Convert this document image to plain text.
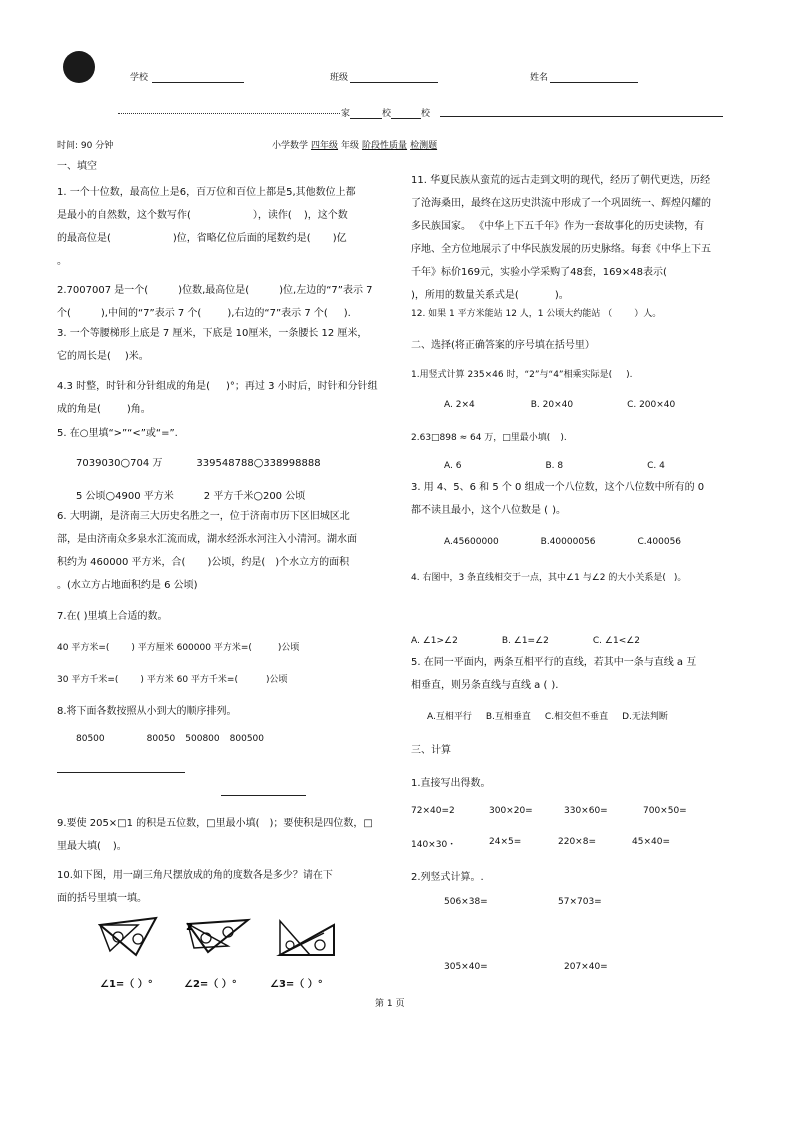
学校	班级	姓名
家	校	校
时间: 90 分钟	小学数学 四年级 年级 阶段性质量 检测题
一、填空
1. 一个十位数，最高位上是6，百万位和百位上都是5,其他数位上都
是最小的自然数，这个数写作(	），读作( )，这个数
的最高位是(	)位，省略亿位后面的尾数约是( )亿
。
2.7007007 是一个(	)位数,最高位是(	)位,左边的“7”表示 7
个(	),中间的“7”表示 7 个(	),右边的“7”表示 7 个( ).
3. 一个等腰梯形上底是 7 厘米，下底是 10厘米，一条腰长 12 厘米，
它的周长是( )米。
4.3 时整，时针和分针组成的角是( )°；再过 3 小时后，时针和分针组
成的角是(	)角。
5. 在○里填“>”“<”或“=”.
7039030○704 万	339548788○338998888
5 公顷○4900 平方米	2 平方千米○200 公顷
6. 大明湖，是济南三大历史名胜之一，位于济南市历下区旧城区北
部，是由济南众多泉水汇流而成，湖水经泺水河注入小清河。湖水面
积约为 460000 平方米，合( )公顷，约是( )个水立方的面积
。(水立方占地面积约是 6 公顷)
7.在( )里填上合适的数。
40 平方米=( ) 平方厘米 600000 平方米=(	)公顷
30 平方千米=( ) 平方米 60 平方千米=(	)公顷
8.将下面各数按照从小到大的顺序排列。
80500	80050 500800 800500
9.要使 205×□1 的积是五位数，□里最小填( )；要使积是四位数，□
里最大填( )。
10.如下图，用一副三角尺摆放成的角的度数各是多少？请在下
面的括号里填一填。
2
∠1=（ ）°	∠2=（ ）°	∠3=（ ）°
11. 华夏民族从蛮荒的远古走到文明的现代，经历了朝代更迭，历经
了沧海桑田，最终在这历史洪流中形成了一个巩固统一、辉煌闪耀的
多民族国家。 《中华上下五千年》作为一套故事化的历史读物，有
序地、全方位地展示了中华民族发展的历史脉络。每套《中华上下五
千年》标价169元，实验小学采购了48套，169×48表示(
)，所用的数量关系式是(	)。
12. 如果 1 平方米能站 12 人，1 公顷大约能站 （ ）人。
二、选择(将正确答案的序号填在括号里）
1.用竖式计算 235×46 时，“2”与“4”相乘实际是( ).
A. 2×4	B. 20×40	C. 200×40
2.63□898 ≈ 64 万，□里最小填( ).
A. 6	B. 8	C. 4
3. 用 4、5、6 和 5 个 0 组成一个八位数，这个八位数中所有的 0
都不读且最小，这个八位数是 ( )。
A.45600000	B.40000056	C.400056
4. 右图中，3 条直线相交于一点，其中∠1 与∠2 的大小关系是( )。
A. ∠1>∠2	B. ∠1=∠2	C. ∠1<∠2
5. 在同一平面内，两条互相平行的直线，若其中一条与直线 a 互
相垂直，则另条直线与直线 a ( ).
A.互相平行 B.互相垂直 C.相交但不垂直 D.无法判断
三、计算
1.直接写出得数。
72×40=2	300×20=	330×60=	700×50=
140×30・	24×5=	220×8=	45×40=
2.列竖式计算。.
506×38=	57×703=
305×40=	207×40=
第 1 页
